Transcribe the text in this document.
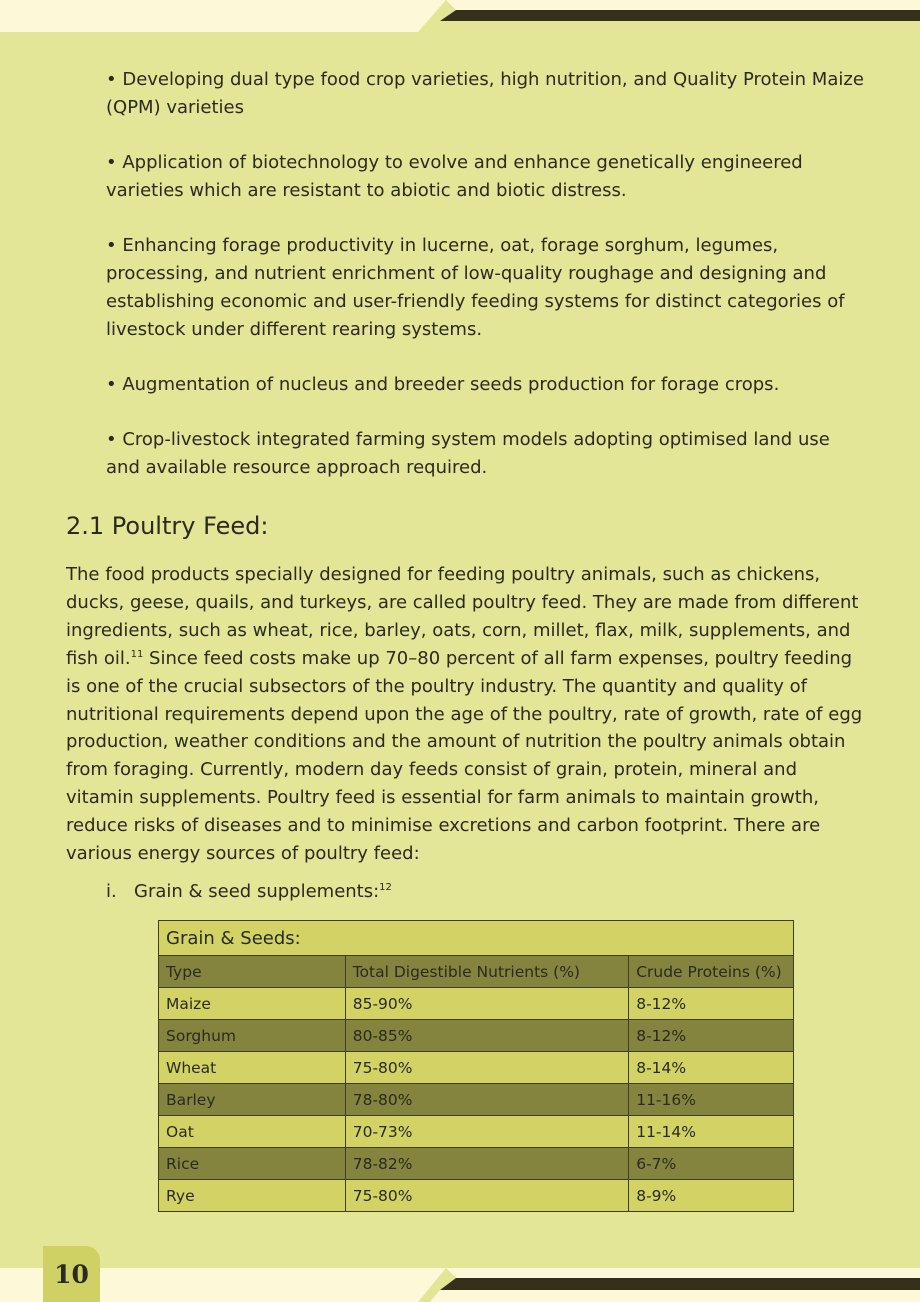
• Developing dual type food crop varieties, high nutrition, and Quality Protein Maize (QPM) varieties

• Application of biotechnology to evolve and enhance genetically engineered varieties which are resistant to abiotic and biotic distress.

• Enhancing forage productivity in lucerne, oat, forage sorghum, legumes, processing, and nutrient enrichment of low-quality roughage and designing and establishing economic and user-friendly feeding systems for distinct categories of livestock under different rearing systems.

• Augmentation of nucleus and breeder seeds production for forage crops.

• Crop-livestock integrated farming system models adopting optimised land use and available resource approach required.

2.1 Poultry Feed:

The food products specially designed for feeding poultry animals, such as chickens, ducks, geese, quails, and turkeys, are called poultry feed. They are made from different ingredients, such as wheat, rice, barley, oats, corn, millet, flax, milk, supplements, and fish oil.$^{11}$ Since feed costs make up 70–80 percent of all farm expenses, poultry feeding is one of the crucial subsectors of the poultry industry. The quantity and quality of nutritional requirements depend upon the age of the poultry, rate of growth, rate of egg production, weather conditions and the amount of nutrition the poultry animals obtain from foraging. Currently, modern day feeds consist of grain, protein, mineral and vitamin supplements. Poultry feed is essential for farm animals to maintain growth, reduce risks of diseases and to minimise excretions and carbon footprint. There are various energy sources of poultry feed:

i. Grain & seed supplements:$^{12}$
Grain & Seeds:		
Type	Total Digestible Nutrients (%)	Crude Proteins (%)
Maize	85-90%	8-12%
Sorghum	80-85%	8-12%
Wheat	75-80%	8-14%
Barley	78-80%	11-16%
Oat	70-73%	11-14%
Rice	78-82%	6-7%
Rye	75-80%	8-9%
10
